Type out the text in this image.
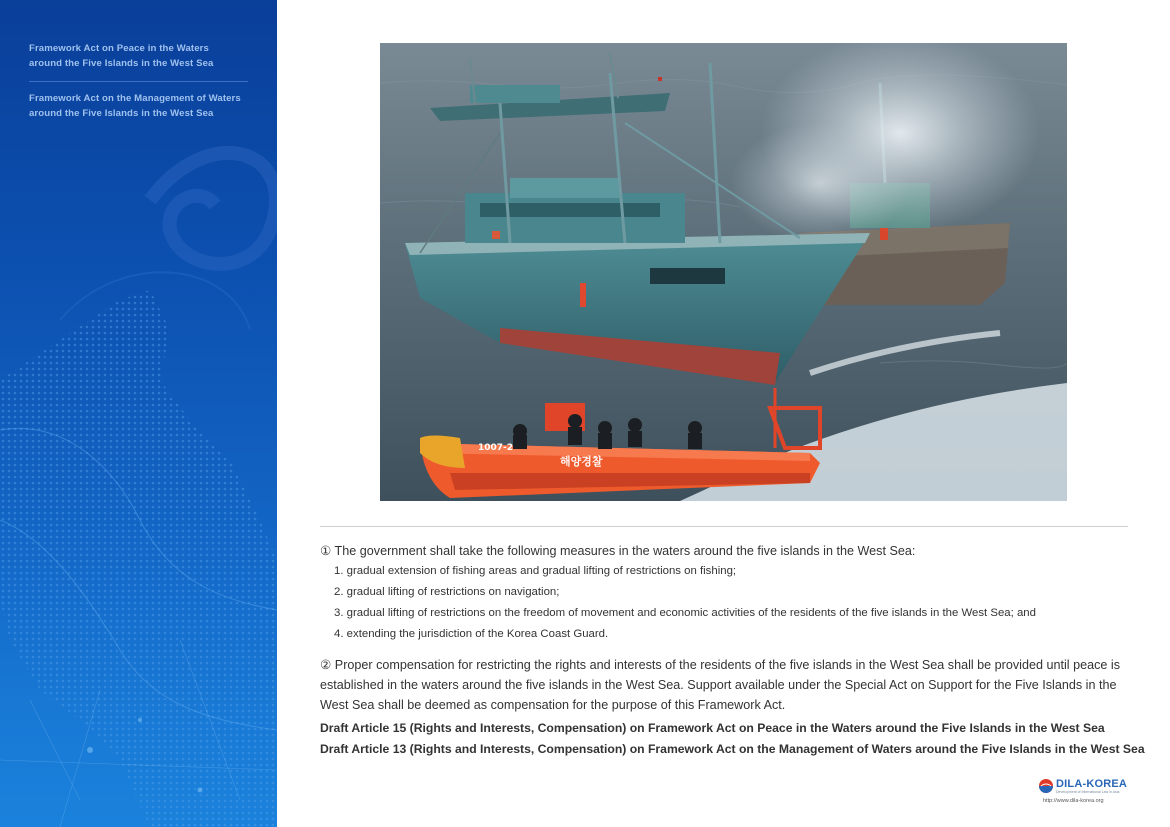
Framework Act on Peace in the Waters
around the Five Islands in the West Sea
Framework Act on the Management of Waters
around the Five Islands in the West Sea
1007-2
해양경찰

① The government shall take the following measures in the waters around the five islands in the West Sea:

1. gradual extension of fishing areas and gradual lifting of restrictions on fishing;
2. gradual lifting of restrictions on navigation;
3. gradual lifting of restrictions on the freedom of movement and economic activities of the residents of the five islands in the West Sea; and
4. extending the jurisdiction of the Korea Coast Guard.

② Proper compensation for restricting the rights and interests of the residents of the five islands in the West Sea shall be provided until peace is established in the waters around the five islands in the West Sea. Support available under the Special Act on Support for the Five Islands in the West Sea shall be deemed as compensation for the purpose of this Framework Act.

Draft Article 15 (Rights and Interests, Compensation) on Framework Act on Peace in the Waters around the Five Islands in the West Sea
Draft Article 13 (Rights and Interests, Compensation) on Framework Act on the Management of Waters around the Five Islands in the West Sea
DILA-KOREA
Development of International Law in Asia
http://www.dila-korea.org
